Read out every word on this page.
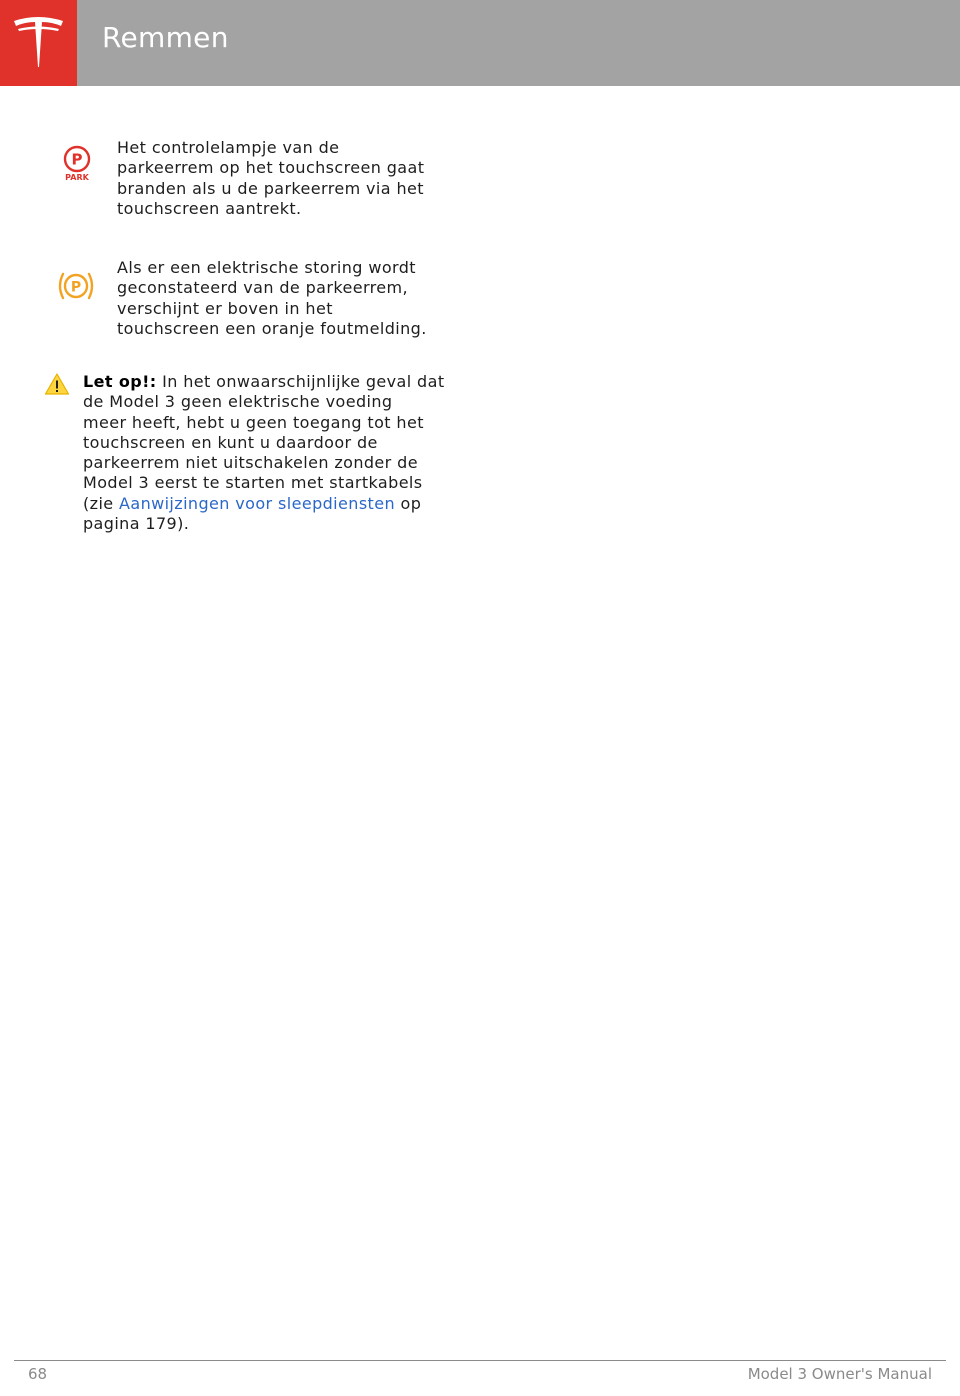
Remmen
P
PARK

Het controlelampje van de

parkeerrem op het touchscreen gaat

branden als u de parkeerrem via het

touchscreen aantrekt.

P

Als er een elektrische storing wordt

geconstateerd van de parkeerrem,

verschijnt er boven in het

touchscreen een oranje foutmelding.

Let op!: In het onwaarschijnlijke geval dat

de Model 3 geen elektrische voeding

meer heeft, hebt u geen toegang tot het

touchscreen en kunt u daardoor de

parkeerrem niet uitschakelen zonder de

Model 3 eerst te starten met startkabels

(zie Aanwijzingen voor sleepdiensten op

pagina 179).

68	Model 3 Owner's Manual
